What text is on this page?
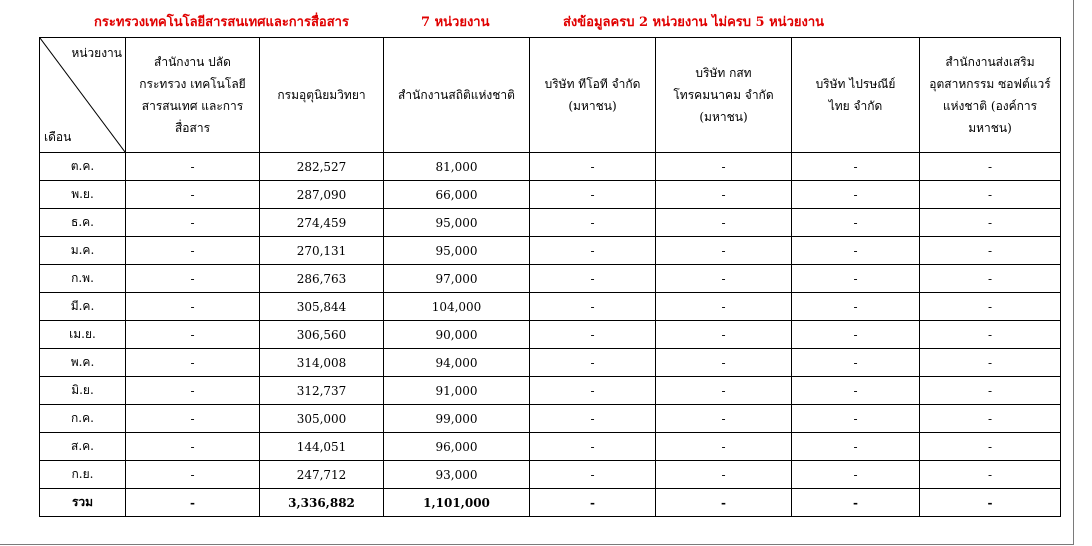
กระทรวงเทคโนโลยีสารสนเทศและการสื่อสาร	7 หน่วยงาน	ส่งข้อมูลครบ 2 หน่วยงาน ไม่ครบ 5 หน่วยงาน
หน่วยงาน
เดือน	สำนักงาน ปลัดกระทรวง เทคโนโลยีสารสนเทศ และการสื่อสาร	กรมอุตุนิยมวิทยา	สำนักงานสถิติแห่งชาติ	บริษัท ทีโอที จำกัด (มหาชน)	บริษัท กสท โทรคมนาคม จำกัด (มหาชน)	บริษัท ไปรษณีย์ไทย จำกัด	สำนักงานส่งเสริม อุตสาหกรรม ซอฟต์แวร์แห่งชาติ (องค์การมหาชน)
ต.ค.	-	282,527	81,000	-	-	-	-
พ.ย.	-	287,090	66,000	-	-	-	-
ธ.ค.	-	274,459	95,000	-	-	-	-
ม.ค.	-	270,131	95,000	-	-	-	-
ก.พ.	-	286,763	97,000	-	-	-	-
มี.ค.	-	305,844	104,000	-	-	-	-
เม.ย.	-	306,560	90,000	-	-	-	-
พ.ค.	-	314,008	94,000	-	-	-	-
มิ.ย.	-	312,737	91,000	-	-	-	-
ก.ค.	-	305,000	99,000	-	-	-	-
ส.ค.	-	144,051	96,000	-	-	-	-
ก.ย.	-	247,712	93,000	-	-	-	-
รวม	-	3,336,882	1,101,000	-	-	-	-
